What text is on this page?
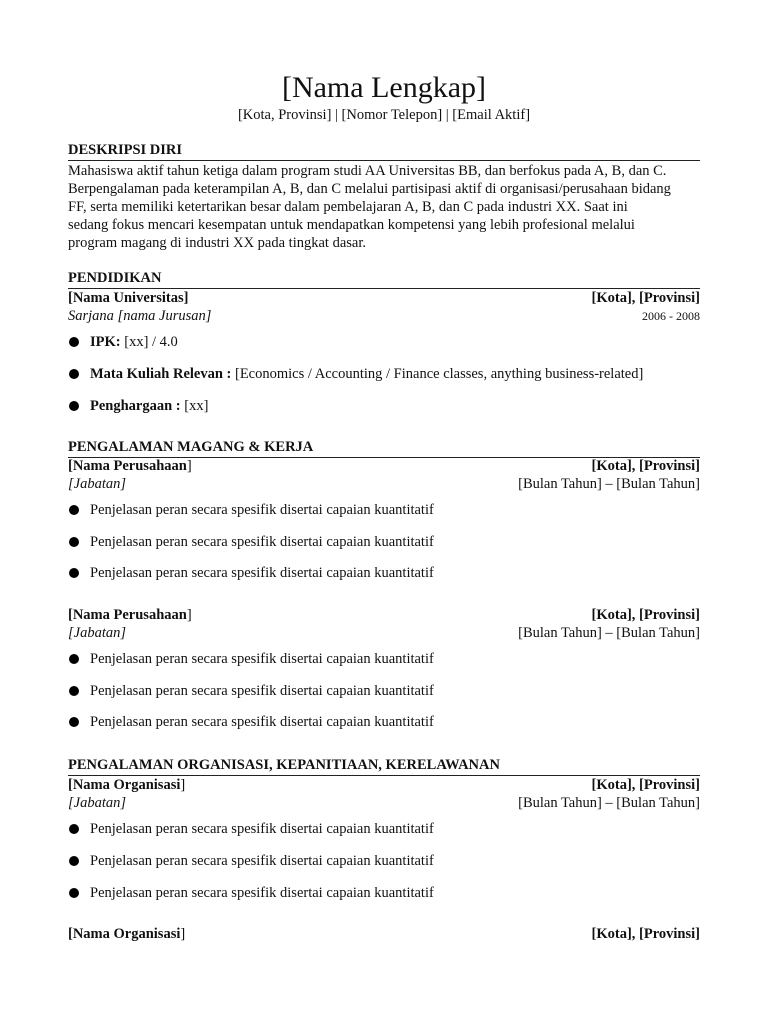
[Nama Lengkap]
[Kota, Provinsi] | [Nomor Telepon] | [Email Aktif]
DESKRIPSI DIRI
Mahasiswa aktif tahun ketiga dalam program studi AA Universitas BB, dan berfokus pada A, B, dan C.
Berpengalaman pada keterampilan A, B, dan C melalui partisipasi aktif di organisasi/perusahaan bidang
FF, serta memiliki ketertarikan besar dalam pembelajaran A, B, dan C pada industri XX. Saat ini
sedang fokus mencari kesempatan untuk mendapatkan kompetensi yang lebih profesional melalui
program magang di industri XX pada tingkat dasar.
PENDIDIKAN
[Nama Universitas]	[Kota], [Provinsi]
Sarjana [nama Jurusan]	2006 - 2008
IPK: [xx] / 4.0
Mata Kuliah Relevan : [Economics / Accounting / Finance classes, anything business-related]
Penghargaan : [xx]
PENGALAMAN MAGANG & KERJA
[Nama Perusahaan]	[Kota], [Provinsi]
[Jabatan]	[Bulan Tahun] – [Bulan Tahun]
Penjelasan peran secara spesifik disertai capaian kuantitatif
Penjelasan peran secara spesifik disertai capaian kuantitatif
Penjelasan peran secara spesifik disertai capaian kuantitatif
[Nama Perusahaan]	[Kota], [Provinsi]
[Jabatan]	[Bulan Tahun] – [Bulan Tahun]
Penjelasan peran secara spesifik disertai capaian kuantitatif
Penjelasan peran secara spesifik disertai capaian kuantitatif
Penjelasan peran secara spesifik disertai capaian kuantitatif
PENGALAMAN ORGANISASI, KEPANITIAAN, KERELAWANAN
[Nama Organisasi]	[Kota], [Provinsi]
[Jabatan]	[Bulan Tahun] – [Bulan Tahun]
Penjelasan peran secara spesifik disertai capaian kuantitatif
Penjelasan peran secara spesifik disertai capaian kuantitatif
Penjelasan peran secara spesifik disertai capaian kuantitatif
[Nama Organisasi]	[Kota], [Provinsi]
